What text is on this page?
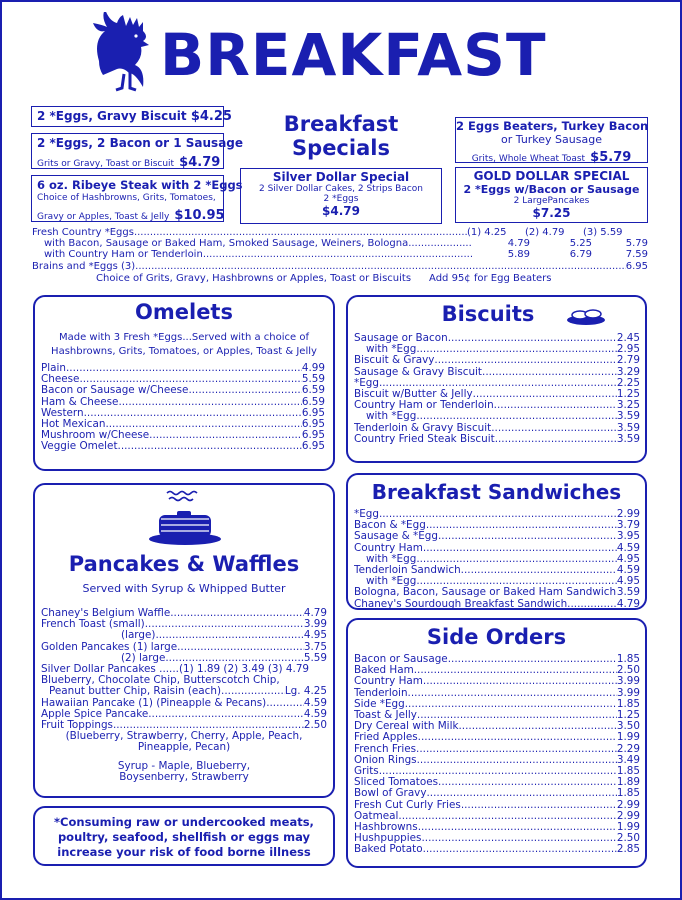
BREAKFAST
2 *Eggs, Gravy Biscuit $4.25
2 *Eggs, 2 Bacon or 1 Sausage
Grits or Gravy, Toast or Biscuit $4.79
6 oz. Ribeye Steak with 2 *Eggs
Choice of Hashbrowns, Grits, Tomatoes,
Gravy or Apples, Toast & Jelly $10.95
Breakfast
Specials
Silver Dollar Special
2 Silver Dollar Cakes, 2 Strips Bacon
2 *Eggs
$4.79
2 Eggs Beaters, Turkey Bacon
or Turkey Sausage
Grits, Whole Wheat Toast $5.79
GOLD DOLLAR SPECIAL
2 *Eggs w/Bacon or Sausage
2 LargePancakes
$7.25
Fresh Country *Eggs .....	(1) 4.25	(2) 4.79	(3) 5.59
with Bacon, Sausage or Baked Ham, Smoked Sausage, Weiners, Bologna .....	4.79	5.25	5.79
with Country Ham or Tenderloin .....	5.89	6.79	7.59
Brains and *Eggs (3) .....	6.95
Choice of Grits, Gravy, Hashbrowns or Apples, Toast or Biscuits Add 95¢ for Egg Beaters
Omelets
Made with 3 Fresh *Eggs...Served with a choice of
Hashbrowns, Grits, Tomatoes, or Apples, Toast & Jelly
Plain .....	4.99
Cheese .....	5.59
Bacon or Sausage w/Cheese .....	6.59
Ham & Cheese .....	6.59
Western .....	6.95
Hot Mexican .....	6.95
Mushroom w/Cheese .....	6.95
Veggie Omelet .....	6.95
Pancakes & Waffles
Served with Syrup & Whipped Butter
Chaney's Belgium Waffle .....	4.79
French Toast (small) .....	3.99
(large) .....	4.95
Golden Pancakes (1) large .....	3.75
(2) large .....	5.59
Silver Dollar Pancakes ......(1) 1.89 (2) 3.49 (3) 4.79
Blueberry, Chocolate Chip, Butterscotch Chip,
Peanut butter Chip, Raisin (each) .....	Lg. 4.25
Hawaiian Pancake (1) (Pineapple & Pecans) .....	4.59
Apple Spice Pancake .....	4.59
Fruit Toppings .....	2.50
(Blueberry, Strawberry, Cherry, Apple, Peach,
Pineapple, Pecan)
Syrup - Maple, Blueberry,
Boysenberry, Strawberry
*Consuming raw or undercooked meats,
poultry, seafood, shellfish or eggs may
increase your risk of food borne illness
Biscuits
Sausage or Bacon .....	2.45
with *Egg .....	2.95
Biscuit & Gravy .....	2.79
Sausage & Gravy Biscuit .....	3.29
*Egg .....	2.25
Biscuit w/Butter & Jelly .....	1.25
Country Ham or Tenderloin .....	3.25
with *Egg .....	3.59
Tenderloin & Gravy Biscuit .....	3.59
Country Fried Steak Biscuit .....	3.59
Breakfast Sandwiches
*Egg .....	2.99
Bacon & *Egg .....	3.79
Sausage & *Egg .....	3.95
Country Ham .....	4.59
with *Egg .....	4.95
Tenderloin Sandwich .....	4.59
with *Egg .....	4.95
Bologna, Bacon, Sausage or Baked Ham Sandwich ..... 3.59
Chaney's Sourdough Breakfast Sandwich .....	4.79
Side Orders
Bacon or Sausage .....	1.85
Baked Ham .....	2.50
Country Ham .....	3.99
Tenderloin .....	3.99
Side *Egg .....	1.85
Toast & Jelly .....	1.25
Dry Cereal with Milk .....	3.50
Fried Apples .....	1.99
French Fries .....	2.29
Onion Rings .....	3.49
Grits .....	1.85
Sliced Tomatoes .....	1.89
Bowl of Gravy .....	1.85
Fresh Cut Curly Fries .....	2.99
Oatmeal .....	2.99
Hashbrowns .....	1.99
Hushpuppies .....	2.50
Baked Potato .....	2.85
